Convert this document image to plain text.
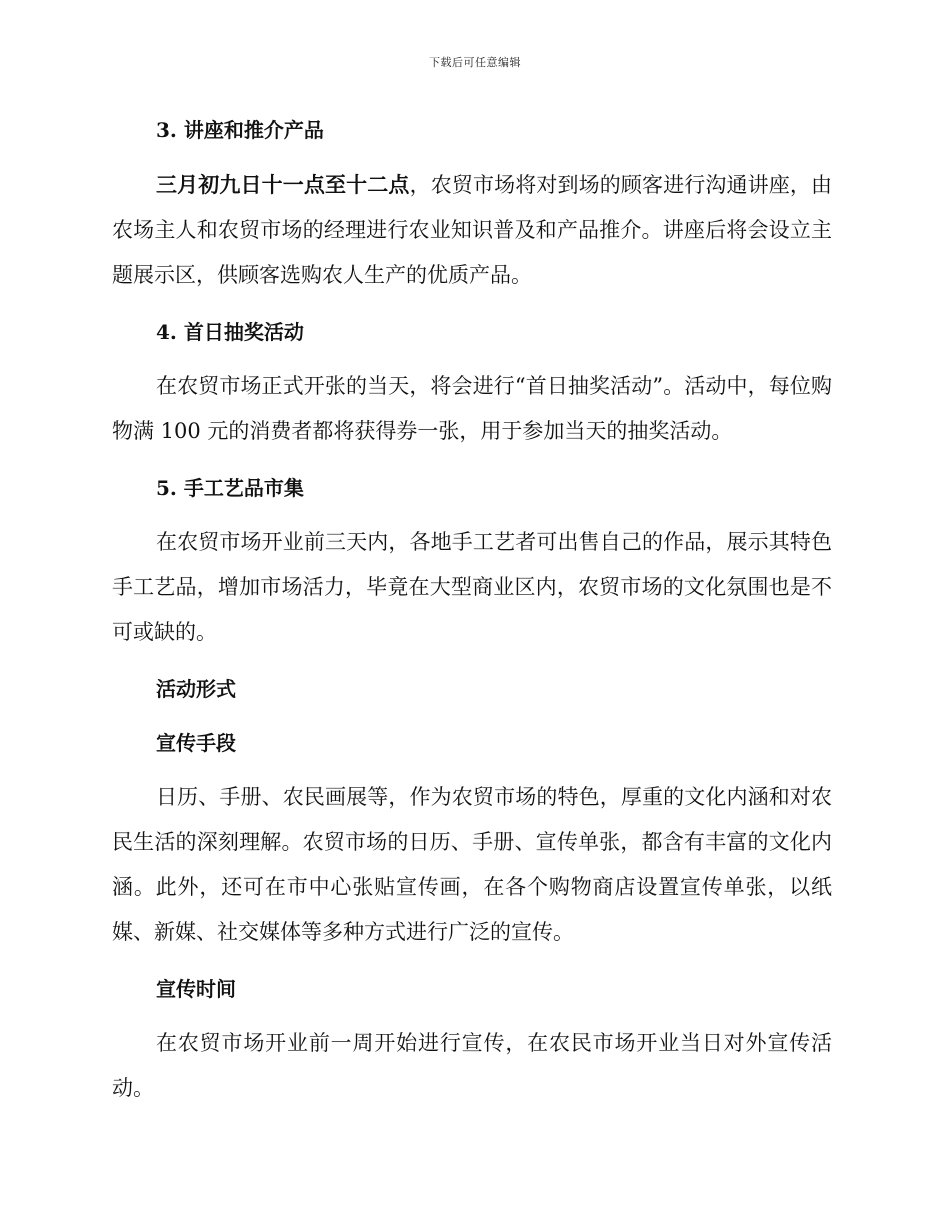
下载后可任意编辑

3. 讲座和推介产品

三月初九日十一点至十二点，农贸市场将对到场的顾客进行沟通讲座，由农场主人和农贸市场的经理进行农业知识普及和产品推介。讲座后将会设立主题展示区，供顾客选购农人生产的优质产品。

4. 首日抽奖活动

在农贸市场正式开张的当天，将会进行“首日抽奖活动”。活动中，每位购物满 100 元的消费者都将获得券一张，用于参加当天的抽奖活动。

5. 手工艺品市集

在农贸市场开业前三天内，各地手工艺者可出售自己的作品，展示其特色手工艺品，增加市场活力，毕竟在大型商业区内，农贸市场的文化氛围也是不可或缺的。

活动形式

宣传手段

日历、手册、农民画展等，作为农贸市场的特色，厚重的文化内涵和对农民生活的深刻理解。农贸市场的日历、手册、宣传单张，都含有丰富的文化内涵。此外，还可在市中心张贴宣传画，在各个购物商店设置宣传单张，以纸媒、新媒、社交媒体等多种方式进行广泛的宣传。

宣传时间

在农贸市场开业前一周开始进行宣传，在农民市场开业当日对外宣传活动。
